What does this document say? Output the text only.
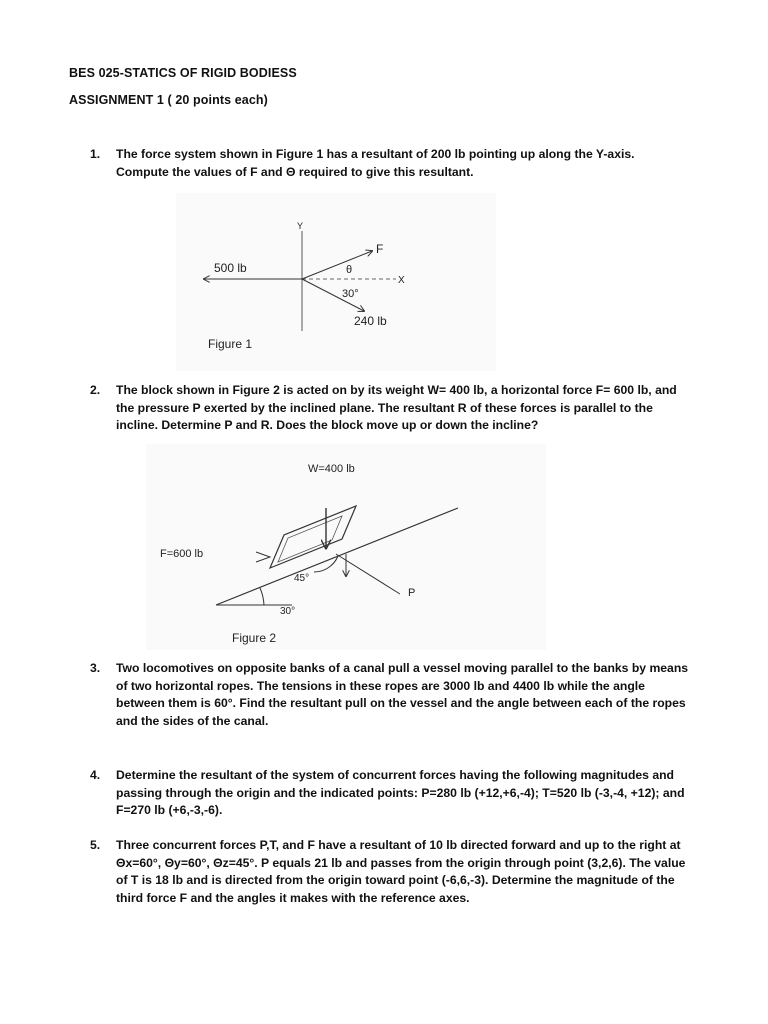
BES 025-STATICS OF RIGID BODIESS
ASSIGNMENT 1 ( 20 points each)
1.	The force system shown in Figure 1 has a resultant of 200 lb pointing up along the Y-axis. Compute the values of F and Θ required to give this resultant.
Y
X
500 lb
F
θ
30°
240 lb
Figure 1
2.	The block shown in Figure 2 is acted on by its weight W= 400 lb, a horizontal force F= 600 lb, and the pressure P exerted by the inclined plane. The resultant R of these forces is parallel to the incline. Determine P and R. Does the block move up or down the incline?
30°
W=400 lb
F=600 lb
45°
P
Figure 2
3.	Two locomotives on opposite banks of a canal pull a vessel moving parallel to the banks by means of two horizontal ropes. The tensions in these ropes are 3000 lb and 4400 lb while the angle between them is 60°. Find the resultant pull on the vessel and the angle between each of the ropes and the sides of the canal.
4.	Determine the resultant of the system of concurrent forces having the following magnitudes and passing through the origin and the indicated points: P=280 lb (+12,+6,-4); T=520 lb (-3,-4, +12); and F=270 lb (+6,-3,-6).
5.	Three concurrent forces P,T, and F have a resultant of 10 lb directed forward and up to the right at Θx=60°, Θy=60°, Θz=45°. P equals 21 lb and passes from the origin through point (3,2,6). The value of T is 18 lb and is directed from the origin toward point (-6,6,-3). Determine the magnitude of the third force F and the angles it makes with the reference axes.
